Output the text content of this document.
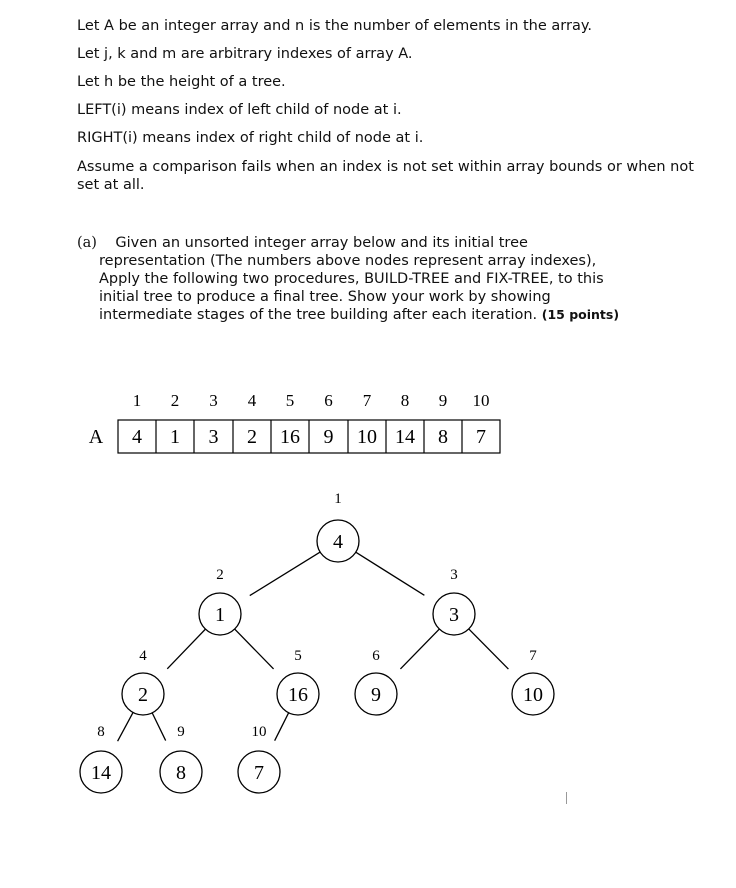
Let A be an integer array and n is the number of elements in the array.
Let j, k and m are arbitrary indexes of array A.
Let h be the height of a tree.
LEFT(i) means index of left child of node at i.
RIGHT(i) means index of right child of node at i.
Assume a comparison fails when an index is not set within array bounds or when not set at all.
(a) Given an unsorted integer array below and its initial tree
representation (The numbers above nodes represent array indexes),
Apply the following two procedures, BUILD-TREE and FIX-TREE, to this
initial tree to produce a final tree. Show your work by showing
intermediate stages of the tree building after each iteration. (15 points)
A 4
1
1
2
3
3
2
4
16
5
9
6
10
7
14
8
8
9
7
10
4
1
1
2
3
3
2
4
16
5
9
6
10
7
14
8
8
9
7
10
